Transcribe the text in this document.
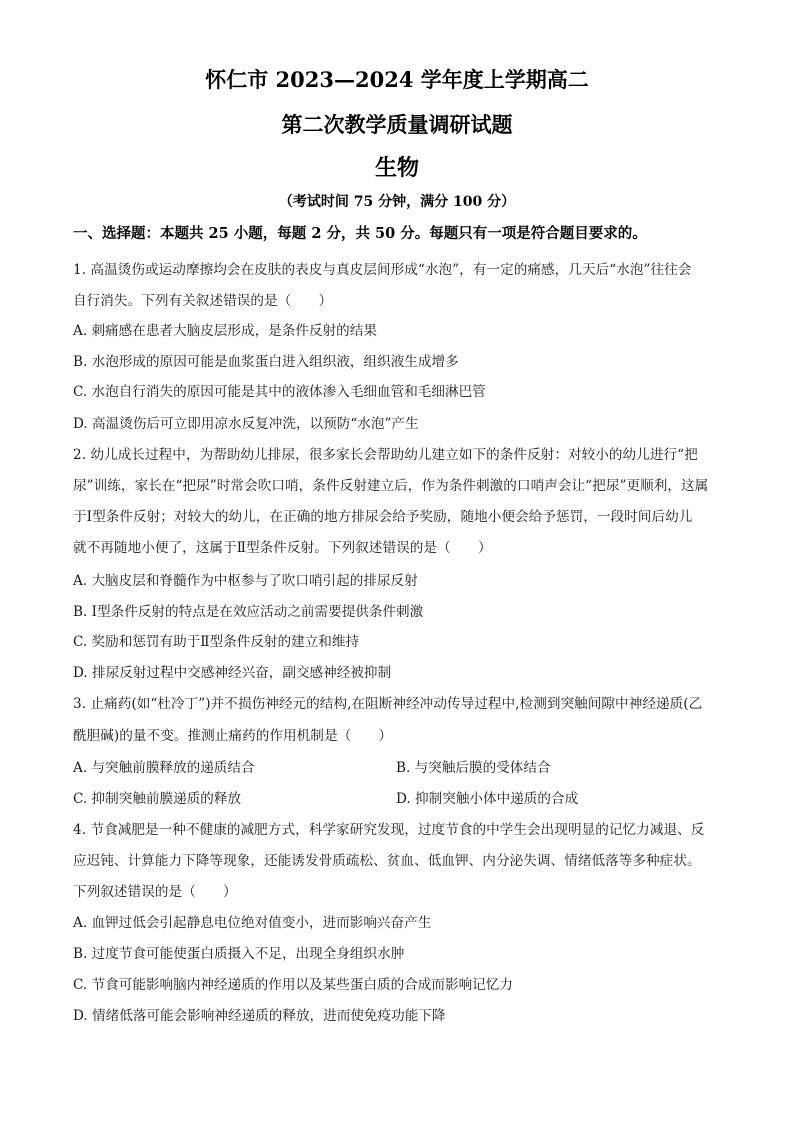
怀仁市 2023—2024 学年度上学期高二
第二次教学质量调研试题
生物
（考试时间 75 分钟，满分 100 分）
一、选择题：本题共 25 小题，每题 2 分，共 50 分。每题只有一项是符合题目要求的。
1. 高温烫伤或运动摩擦均会在皮肤的表皮与真皮层间形成“水泡”，有一定的痛感，几天后“水泡”往往会
自行消失。下列有关叙述错误的是（　　）
A. 刺痛感在患者大脑皮层形成，是条件反射的结果
B. 水泡形成的原因可能是血浆蛋白进入组织液，组织液生成增多
C. 水泡自行消失的原因可能是其中的液体渗入毛细血管和毛细淋巴管
D. 高温烫伤后可立即用凉水反复冲洗，以预防“水泡”产生
2. 幼儿成长过程中，为帮助幼儿排尿，很多家长会帮助幼儿建立如下的条件反射：对较小的幼儿进行“把
尿”训练，家长在“把尿”时常会吹口哨，条件反射建立后，作为条件刺激的口哨声会让“把尿”更顺利，这属
于Ⅰ型条件反射；对较大的幼儿，在正确的地方排尿会给予奖励，随地小便会给予惩罚，一段时间后幼儿
就不再随地小便了，这属于Ⅱ型条件反射。下列叙述错误的是（　　）
A. 大脑皮层和脊髓作为中枢参与了吹口哨引起的排尿反射
B. Ⅰ型条件反射的特点是在效应活动之前需要提供条件刺激
C. 奖励和惩罚有助于Ⅱ型条件反射的建立和维持
D. 排尿反射过程中交感神经兴奋，副交感神经被抑制
3. 止痛药(如“杜冷丁”)并不损伤神经元的结构,在阻断神经冲动传导过程中,检测到突触间隙中神经递质(乙
酰胆碱)的量不变。推测止痛药的作用机制是（　　）
A. 与突触前膜释放的递质结合	B. 与突触后膜的受体结合
C. 抑制突触前膜递质的释放	D. 抑制突触小体中递质的合成
4. 节食减肥是一种不健康的减肥方式，科学家研究发现，过度节食的中学生会出现明显的记忆力减退、反
应迟钝、计算能力下降等现象，还能诱发骨质疏松、贫血、低血钾、内分泌失调、情绪低落等多种症状。
下列叙述错误的是（　　）
A. 血钾过低会引起静息电位绝对值变小，进而影响兴奋产生
B. 过度节食可能使蛋白质摄入不足，出现全身组织水肿
C. 节食可能影响脑内神经递质的作用以及某些蛋白质的合成而影响记忆力
D. 情绪低落可能会影响神经递质的释放，进而使免疫功能下降
